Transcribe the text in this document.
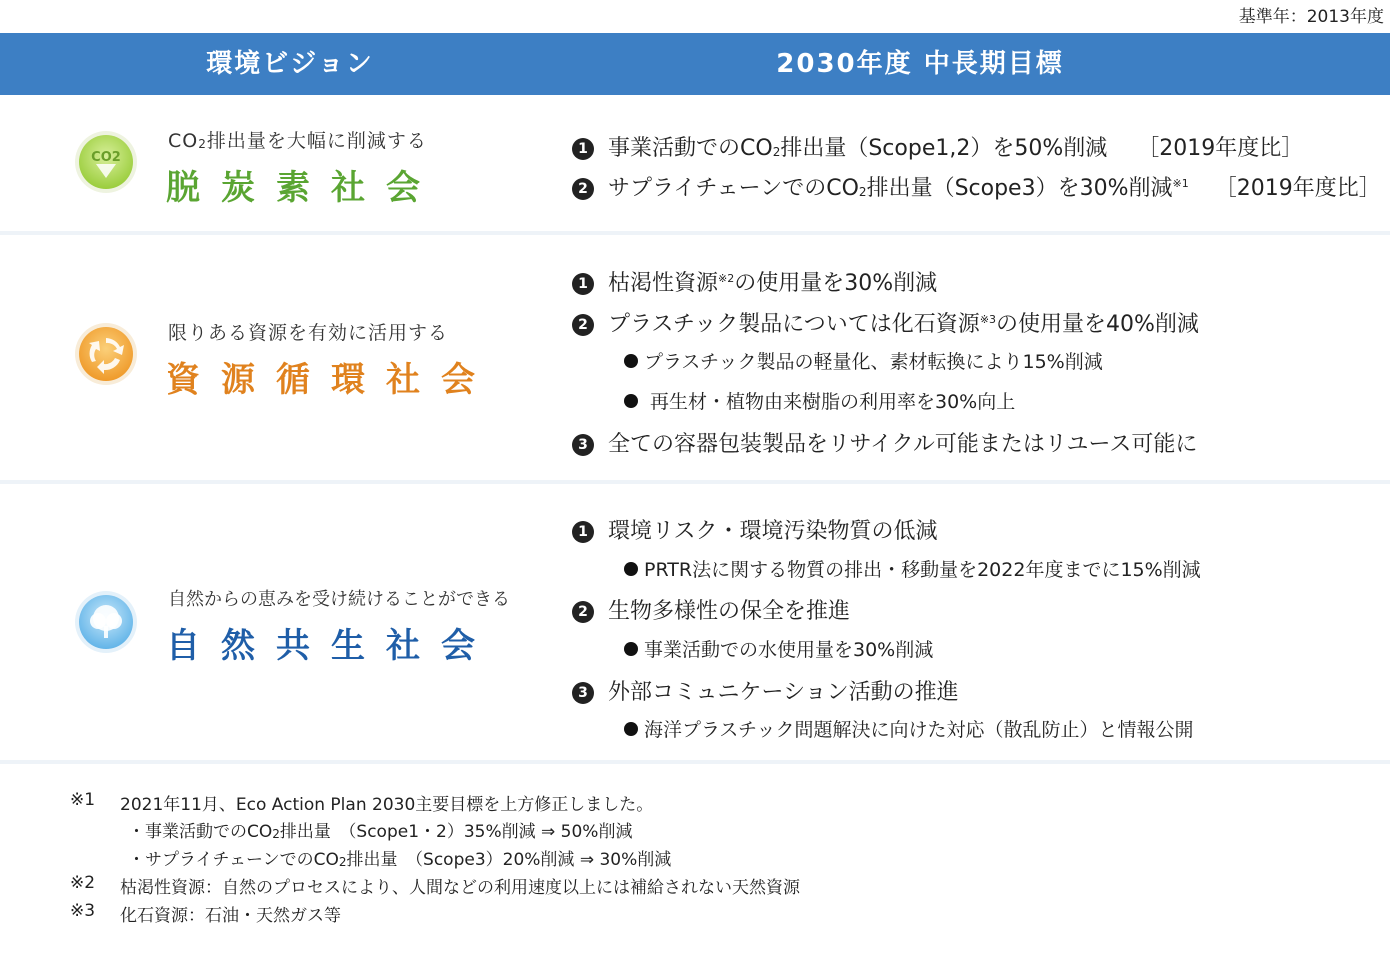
基準年：2013年度
環境ビジョン	2030年度 中長期目標
CO2
CO2排出量を大幅に削減する
脱炭素社会
1 事業活動でのCO2排出量（Scope1,2）を50%削減 ［2019年度比］
2 サプライチェーンでのCO2排出量（Scope3）を30%削減$^{※1}$ ［2019年度比］
限りある資源を有効に活用する
資源循環社会
1 枯渇性資源$^{※2}$の使用量を30%削減
2 プラスチック製品については化石資源$^{※3}$の使用量を40%削減
プラスチック製品の軽量化、素材転換により15%削減
再生材・植物由来樹脂の利用率を30%向上
3 全ての容器包装製品をリサイクル可能またはリユース可能に
自然からの恵みを受け続けることができる
自然共生社会
1 環境リスク・環境汚染物質の低減
PRTR法に関する物質の排出・移動量を2022年度までに15%削減
2 生物多様性の保全を推進
事業活動での水使用量を30%削減
3 外部コミュニケーション活動の推進
海洋プラスチック問題解決に向けた対応（散乱防止）と情報公開
※1 2021年11月、Eco Action Plan 2030主要目標を上方修正しました。
・事業活動でのCO2排出量　（Scope1・2）35%削減 ⇒ 50%削減
・サプライチェーンでのCO2排出量　（Scope3）20%削減 ⇒ 30%削減
※2 枯渇性資源：自然のプロセスにより、人間などの利用速度以上には補給されない天然資源
※3 化石資源：石油・天然ガス等
